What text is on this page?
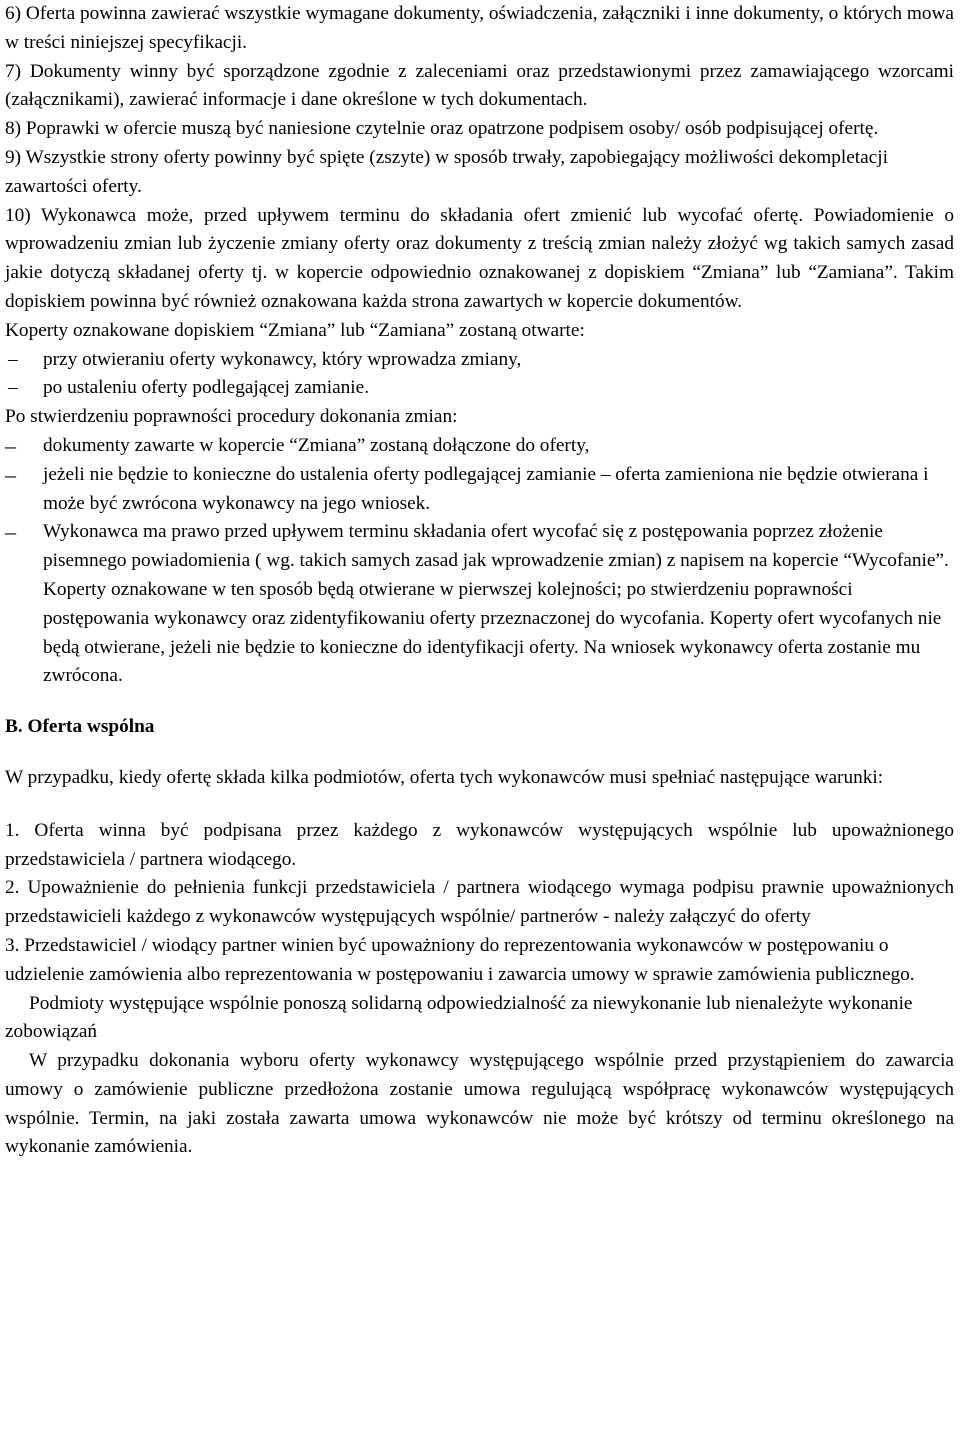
6) Oferta powinna zawierać wszystkie wymagane dokumenty, oświadczenia, załączniki i inne dokumenty, o których mowa w treści niniejszej specyfikacji.

7) Dokumenty winny być sporządzone zgodnie z zaleceniami oraz przedstawionymi przez zamawiającego wzorcami (załącznikami), zawierać informacje i dane określone w tych dokumentach.

8) Poprawki w ofercie muszą być naniesione czytelnie oraz opatrzone podpisem osoby/ osób podpisującej ofertę.

9) Wszystkie strony oferty powinny być spięte (zszyte) w sposób trwały, zapobiegający możliwości dekompletacji zawartości oferty.

10) Wykonawca może, przed upływem terminu do składania ofert zmienić lub wycofać ofertę. Powiadomienie o wprowadzeniu zmian lub życzenie zmiany oferty oraz dokumenty z treścią zmian należy złożyć wg takich samych zasad jakie dotyczą składanej oferty tj. w kopercie odpowiednio oznakowanej z dopiskiem “Zmiana” lub “Zamiana”. Takim dopiskiem powinna być również oznakowana każda strona zawartych w kopercie dokumentów.

Koperty oznakowane dopiskiem “Zmiana” lub “Zamiana” zostaną otwarte:

– przy otwieraniu oferty wykonawcy, który wprowadza zmiany,
– po ustaleniu oferty podlegającej zamianie.

Po stwierdzeniu poprawności procedury dokonania zmian:

– dokumenty zawarte w kopercie “Zmiana” zostaną dołączone do oferty,
– jeżeli nie będzie to konieczne do ustalenia oferty podlegającej zamianie – oferta zamieniona nie będzie otwierana i może być zwrócona wykonawcy na jego wniosek.
– Wykonawca ma prawo przed upływem terminu składania ofert wycofać się z postępowania poprzez złożenie pisemnego powiadomienia ( wg. takich samych zasad jak wprowadzenie zmian) z napisem na kopercie “Wycofanie”. Koperty oznakowane w ten sposób będą otwierane w pierwszej kolejności; po stwierdzeniu poprawności postępowania wykonawcy oraz zidentyfikowaniu oferty przeznaczonej do wycofania. Koperty ofert wycofanych nie będą otwierane, jeżeli nie będzie to konieczne do identyfikacji oferty. Na wniosek wykonawcy oferta zostanie mu zwrócona.

B. Oferta wspólna

W przypadku, kiedy ofertę składa kilka podmiotów, oferta tych wykonawców musi spełniać następujące warunki:

1. Oferta winna być podpisana przez każdego z wykonawców występujących wspólnie lub upoważnionego przedstawiciela / partnera wiodącego.

2. Upoważnienie do pełnienia funkcji przedstawiciela / partnera wiodącego wymaga podpisu prawnie upoważnionych przedstawicieli każdego z wykonawców występujących wspólnie/ partnerów - należy załączyć do oferty

3. Przedstawiciel / wiodący partner winien być upoważniony do reprezentowania wykonawców w postępowaniu o udzielenie zamówienia albo reprezentowania w postępowaniu i zawarcia umowy w sprawie zamówienia publicznego.

Podmioty występujące wspólnie ponoszą solidarną odpowiedzialność za niewykonanie lub nienależyte wykonanie zobowiązań

W przypadku dokonania wyboru oferty wykonawcy występującego wspólnie przed przystąpieniem do zawarcia umowy o zamówienie publiczne przedłożona zostanie umowa regulującą współpracę wykonawców występujących wspólnie. Termin, na jaki została zawarta umowa wykonawców nie może być krótszy od terminu określonego na wykonanie zamówienia.
